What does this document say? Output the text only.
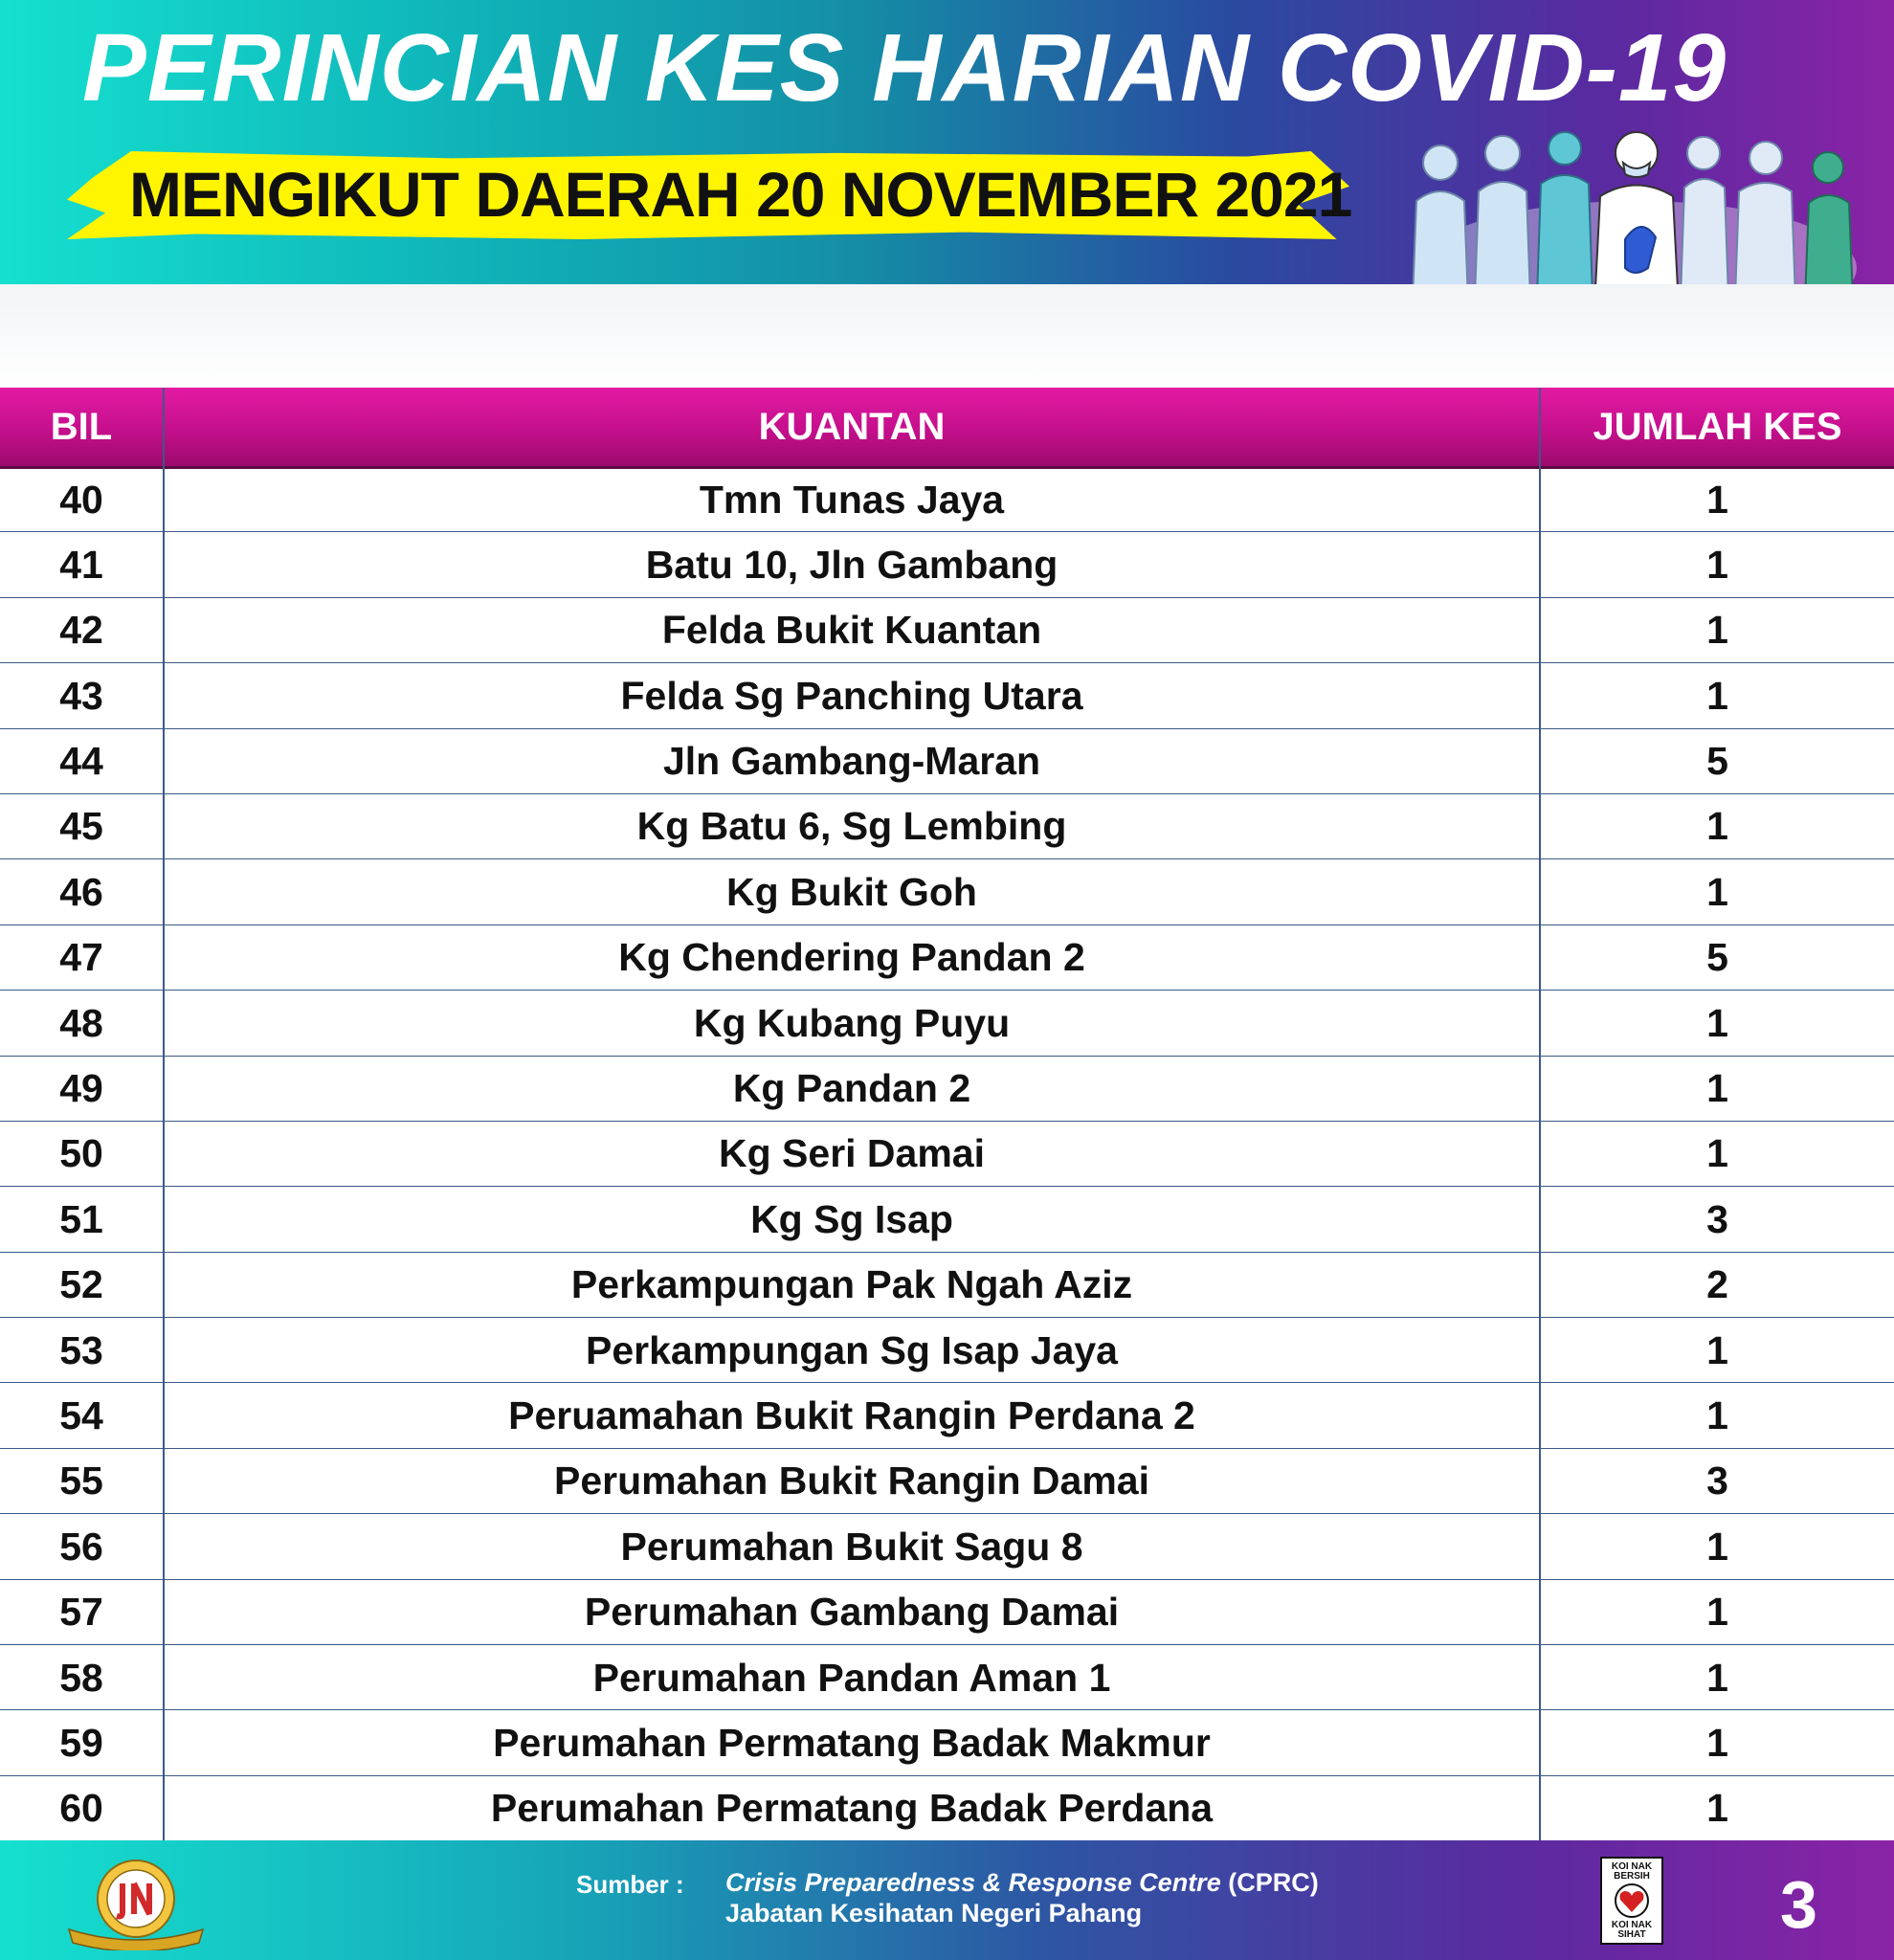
PERINCIAN KES HARIAN COVID-19
MENGIKUT DAERAH 20 NOVEMBER 2021
BIL	KUANTAN	JUMLAH KES
40	Tmn Tunas Jaya	1
41	Batu 10, Jln Gambang	1
42	Felda Bukit Kuantan	1
43	Felda Sg Panching Utara	1
44	Jln Gambang-Maran	5
45	Kg Batu 6, Sg Lembing	1
46	Kg Bukit Goh	1
47	Kg Chendering Pandan 2	5
48	Kg Kubang Puyu	1
49	Kg Pandan 2	1
50	Kg Seri Damai	1
51	Kg Sg Isap	3
52	Perkampungan Pak Ngah Aziz	2
53	Perkampungan Sg Isap Jaya	1
54	Peruamahan Bukit Rangin Perdana 2	1
55	Perumahan Bukit Rangin Damai	3
56	Perumahan Bukit Sagu 8	1
57	Perumahan Gambang Damai	1
58	Perumahan Pandan Aman 1	1
59	Perumahan Permatang Badak Makmur	1
60	Perumahan Permatang Badak Perdana	1
Sumber : Crisis Preparedness & Response Centre (CPRC)
Jabatan Kesihatan Negeri Pahang
KOI NAK BERSIH
KOI NAK SIHAT 3
